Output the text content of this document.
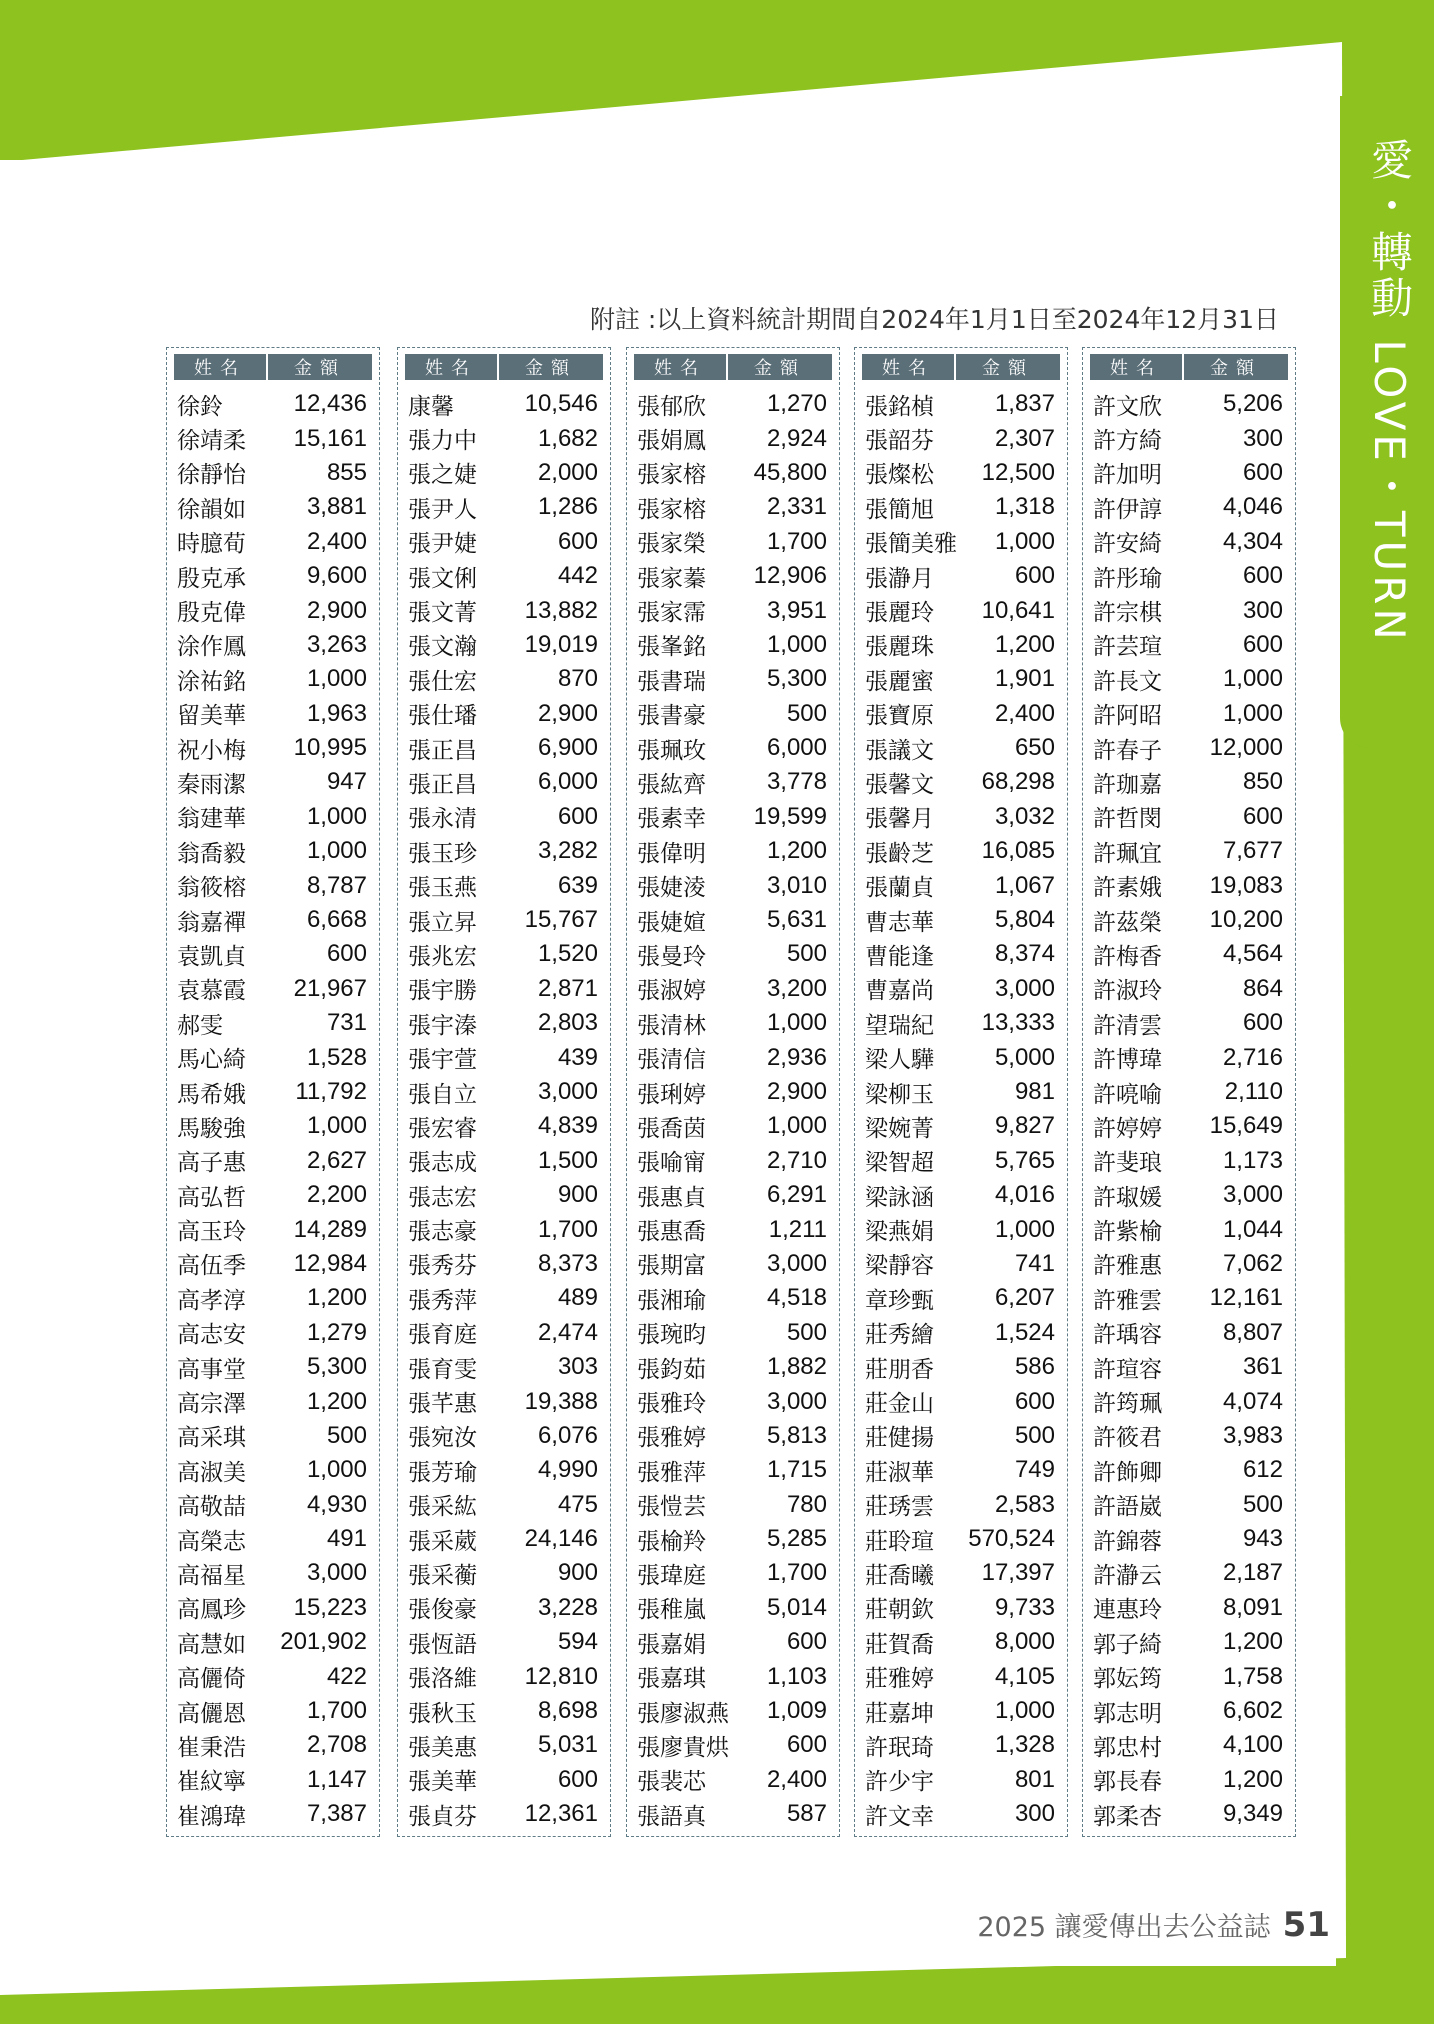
愛・轉動 LOVE・TURN
附註 :以上資料統計期間自2024年1月1日至2024年12月31日
姓名	金額
徐鈴	12,436
徐靖柔 15,161
徐靜怡	855
徐韻如	3,881
時臆荀	2,400
殷克承	9,600
殷克偉	2,900
涂作鳳	3,263
涂祐銘	1,000
留美華	1,963
祝小梅 10,995
秦雨潔	947
翁建華	1,000
翁喬毅	1,000
翁筱榕	8,787
翁嘉禪	6,668
袁凱貞	600
袁慕霞 21,967
郝雯	731
馬心綺	1,528
馬希娥 11,792
馬駿強	1,000
高子惠	2,627
高弘哲	2,200
高玉玲 14,289
高伍季 12,984
高孝淳	1,200
高志安	1,279
高事堂	5,300
高宗澤	1,200
高采琪	500
高淑美	1,000
高敬喆	4,930
高榮志	491
高福星	3,000
高鳳珍 15,223
高慧如 201,902
高儷倚	422
高儷恩	1,700
崔秉浩	2,708
崔紋寧	1,147
崔鴻瑋	7,387
姓名	金額
康馨	10,546
張力中	1,682
張之婕	2,000
張尹人	1,286
張尹婕	600
張文俐	442
張文菁 13,882
張文瀚 19,019
張仕宏	870
張仕璠	2,900
張正昌	6,900
張正昌	6,000
張永清	600
張玉珍	3,282
張玉燕	639
張立昇 15,767
張兆宏	1,520
張宇勝	2,871
張宇溱	2,803
張宇萱	439
張自立	3,000
張宏睿	4,839
張志成	1,500
張志宏	900
張志豪	1,700
張秀芬	8,373
張秀萍	489
張育庭	2,474
張育雯	303
張芊惠 19,388
張宛汝	6,076
張芳瑜	4,990
張采紘	475
張采葳 24,146
張采蘅	900
張俊豪	3,228
張恆語	594
張洛維 12,810
張秋玉	8,698
張美惠	5,031
張美華	600
張貞芬 12,361
姓名	金額
張郁欣	1,270
張娟鳳	2,924
張家榕 45,800
張家榕	2,331
張家榮	1,700
張家蓁 12,906
張家霈	3,951
張峯銘	1,000
張書瑞	5,300
張書豪	500
張珮玫	6,000
張紘齊	3,778
張素幸 19,599
張偉明	1,200
張婕淩	3,010
張婕媗	5,631
張曼玲	500
張淑婷	3,200
張清林	1,000
張清信	2,936
張琍婷	2,900
張喬茵	1,000
張喻甯	2,710
張惠貞	6,291
張惠喬	1,211
張期富	3,000
張湘瑜	4,518
張琬昀	500
張鈞茹	1,882
張雅玲	3,000
張雅婷	5,813
張雅萍	1,715
張愷芸	780
張榆羚	5,285
張瑋庭	1,700
張稚嵐	5,014
張嘉娟	600
張嘉琪	1,103
張廖淑燕 1,009
張廖貴烘 600
張裴芯	2,400
張語真	587
姓名	金額
張銘楨	1,837
張韶芬	2,307
張燦松 12,500
張簡旭	1,318
張簡美雅 1,000
張瀞月	600
張麗玲 10,641
張麗珠	1,200
張麗蜜	1,901
張寶原	2,400
張議文	650
張馨文 68,298
張馨月	3,032
張齡芝 16,085
張蘭貞	1,067
曹志華	5,804
曹能逢	8,374
曹嘉尚	3,000
望瑞紀 13,333
梁人驊	5,000
梁柳玉	981
梁婉菁	9,827
梁智超	5,765
梁詠涵	4,016
梁燕娟	1,000
梁靜容	741
章珍甄	6,207
莊秀繪	1,524
莊朋香	586
莊金山	600
莊健揚	500
莊淑華	749
莊琇雲	2,583
莊聆瑄 570,524
莊喬曦 17,397
莊朝欽	9,733
莊賀喬	8,000
莊雅婷	4,105
莊嘉坤	1,000
許珉琦	1,328
許少宇	801
許文幸	300
姓名	金額
許文欣	5,206
許方綺	300
許加明	600
許伊諄	4,046
許安綺	4,304
許彤瑜	600
許宗棋	300
許芸瑄	600
許長文	1,000
許阿昭	1,000
許春子 12,000
許珈嘉	850
許哲閔	600
許珮宜	7,677
許素娥 19,083
許茲榮 10,200
許梅香	4,564
許淑玲	864
許清雲	600
許博瑋	2,716
許喨喻	2,110
許婷婷 15,649
許斐琅	1,173
許琡媛	3,000
許紫榆	1,044
許雅惠	7,062
許雅雲 12,161
許瑀容	8,807
許瑄容	361
許筠珮	4,074
許筱君	3,983
許飾卿	612
許語崴	500
許錦蓉	943
許瀞云	2,187
連惠玲	8,091
郭子綺	1,200
郭妘筠	1,758
郭志明	6,602
郭忠村	4,100
郭長春	1,200
郭柔杏	9,349
2025 讓愛傳出去公益誌 51
